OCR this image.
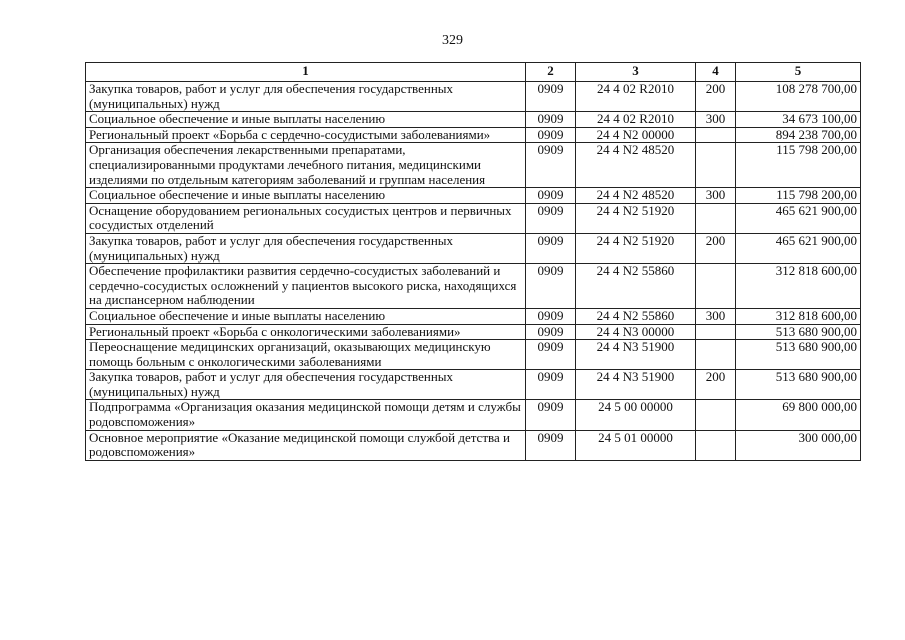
329
1	2	3	4	5
Закупка товаров, работ и услуг для обеспечения государственных (муниципальных) нужд	0909	24 4 02 R2010	200	108 278 700,00
Социальное обеспечение и иные выплаты населению	0909	24 4 02 R2010	300	34 673 100,00
Региональный проект «Борьба с сердечно-сосудистыми заболеваниями»	0909	24 4 N2 00000		894 238 700,00
Организация обеспечения лекарственными препаратами, специализированными продуктами лечебного питания, медицинскими изделиями по отдельным категориям заболеваний и группам населения	0909	24 4 N2 48520		115 798 200,00
Социальное обеспечение и иные выплаты населению	0909	24 4 N2 48520	300	115 798 200,00
Оснащение оборудованием региональных сосудистых центров и первичных сосудистых отделений	0909	24 4 N2 51920		465 621 900,00
Закупка товаров, работ и услуг для обеспечения государственных (муниципальных) нужд	0909	24 4 N2 51920	200	465 621 900,00
Обеспечение профилактики развития сердечно-сосудистых заболеваний и сердечно-сосудистых осложнений у пациентов высокого риска, находящихся на диспансерном наблюдении	0909	24 4 N2 55860		312 818 600,00
Социальное обеспечение и иные выплаты населению	0909	24 4 N2 55860	300	312 818 600,00
Региональный проект «Борьба с онкологическими заболеваниями»	0909	24 4 N3 00000		513 680 900,00
Переоснащение медицинских организаций, оказывающих медицинскую помощь больным с онкологическими заболеваниями	0909	24 4 N3 51900		513 680 900,00
Закупка товаров, работ и услуг для обеспечения государственных (муниципальных) нужд	0909	24 4 N3 51900	200	513 680 900,00
Подпрограмма «Организация оказания медицинской помощи детям и службы родовспоможения»	0909	24 5 00 00000		69 800 000,00
Основное мероприятие «Оказание медицинской помощи службой детства и родовспоможения»	0909	24 5 01 00000		300 000,00
